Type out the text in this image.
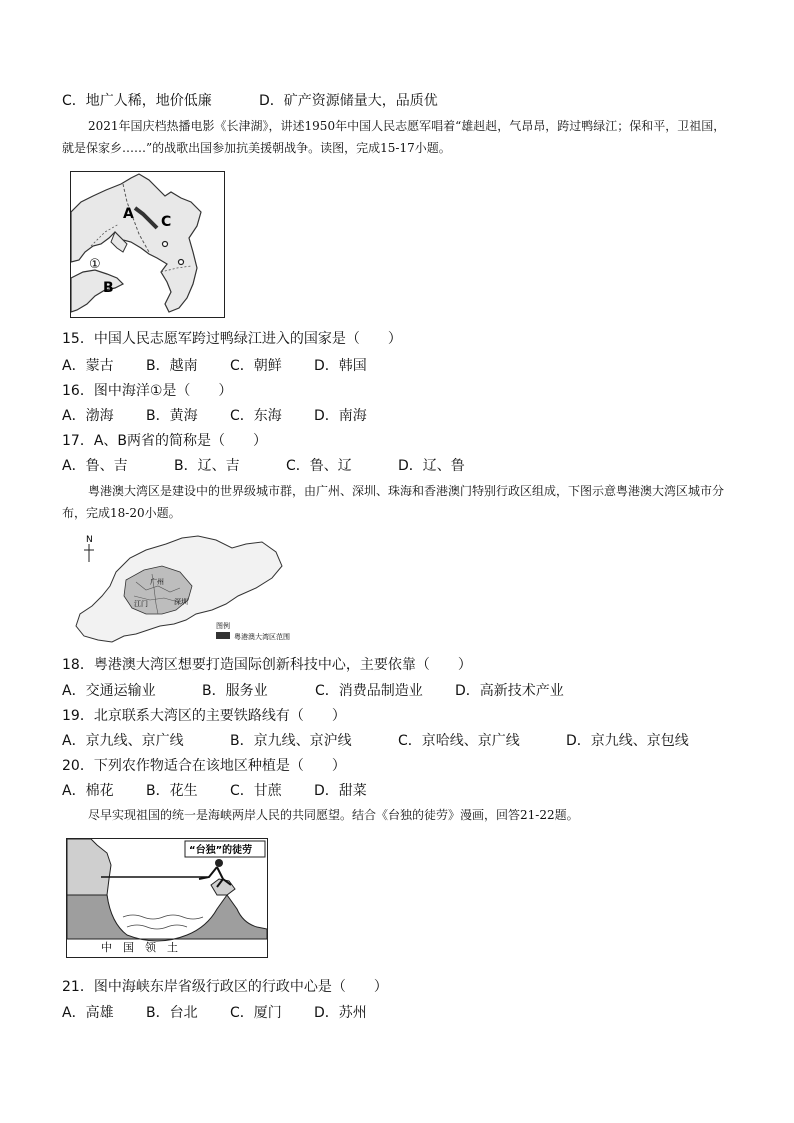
C．地广人稀，地价低廉	D．矿产资源储量大，品质优
2021年国庆档热播电影《长津湖》，讲述1950年中国人民志愿军唱着“雄赳赳，气昂昂，跨过鸭绿江；保和平，卫祖国，就是保家乡……”的战歌出国参加抗美援朝战争。读图，完成15-17小题。
A C
B
①
15．中国人民志愿军跨过鸭绿江进入的国家是（　　）
A．蒙古 B．越南 C．朝鲜 D．韩国
16．图中海洋①是（　　）
A．渤海 B．黄海 C．东海 D．南海
17．A、B两省的简称是（　　）
A．鲁、吉	B．辽、吉	C．鲁、辽	D．辽、鲁
粤港澳大湾区是建设中的世界级城市群，由广州、深圳、珠海和香港澳门特别行政区组成，下图示意粤港澳大湾区城市分布，完成18-20小题。
N
广州
江门	深圳
图例
粤港澳大湾区范围
18．粤港澳大湾区想要打造国际创新科技中心，主要依靠（　　）
A．交通运输业	B．服务业	C．消费品制造业 D．高新技术产业
19．北京联系大湾区的主要铁路线有（　　）
A．京九线、京广线	B．京九线、京沪线	C．京哈线、京广线	D．京九线、京包线
20．下列农作物适合在该地区种植是（　　）
A．棉花 B．花生 C．甘蔗 D．甜菜
尽早实现祖国的统一是海峡两岸人民的共同愿望。结合《台独的徒劳》漫画，回答21-22题。
“台独”的徒劳
中　国　领　土
21．图中海峡东岸省级行政区的行政中心是（　　）
A．高雄 B．台北 C．厦门 D．苏州
